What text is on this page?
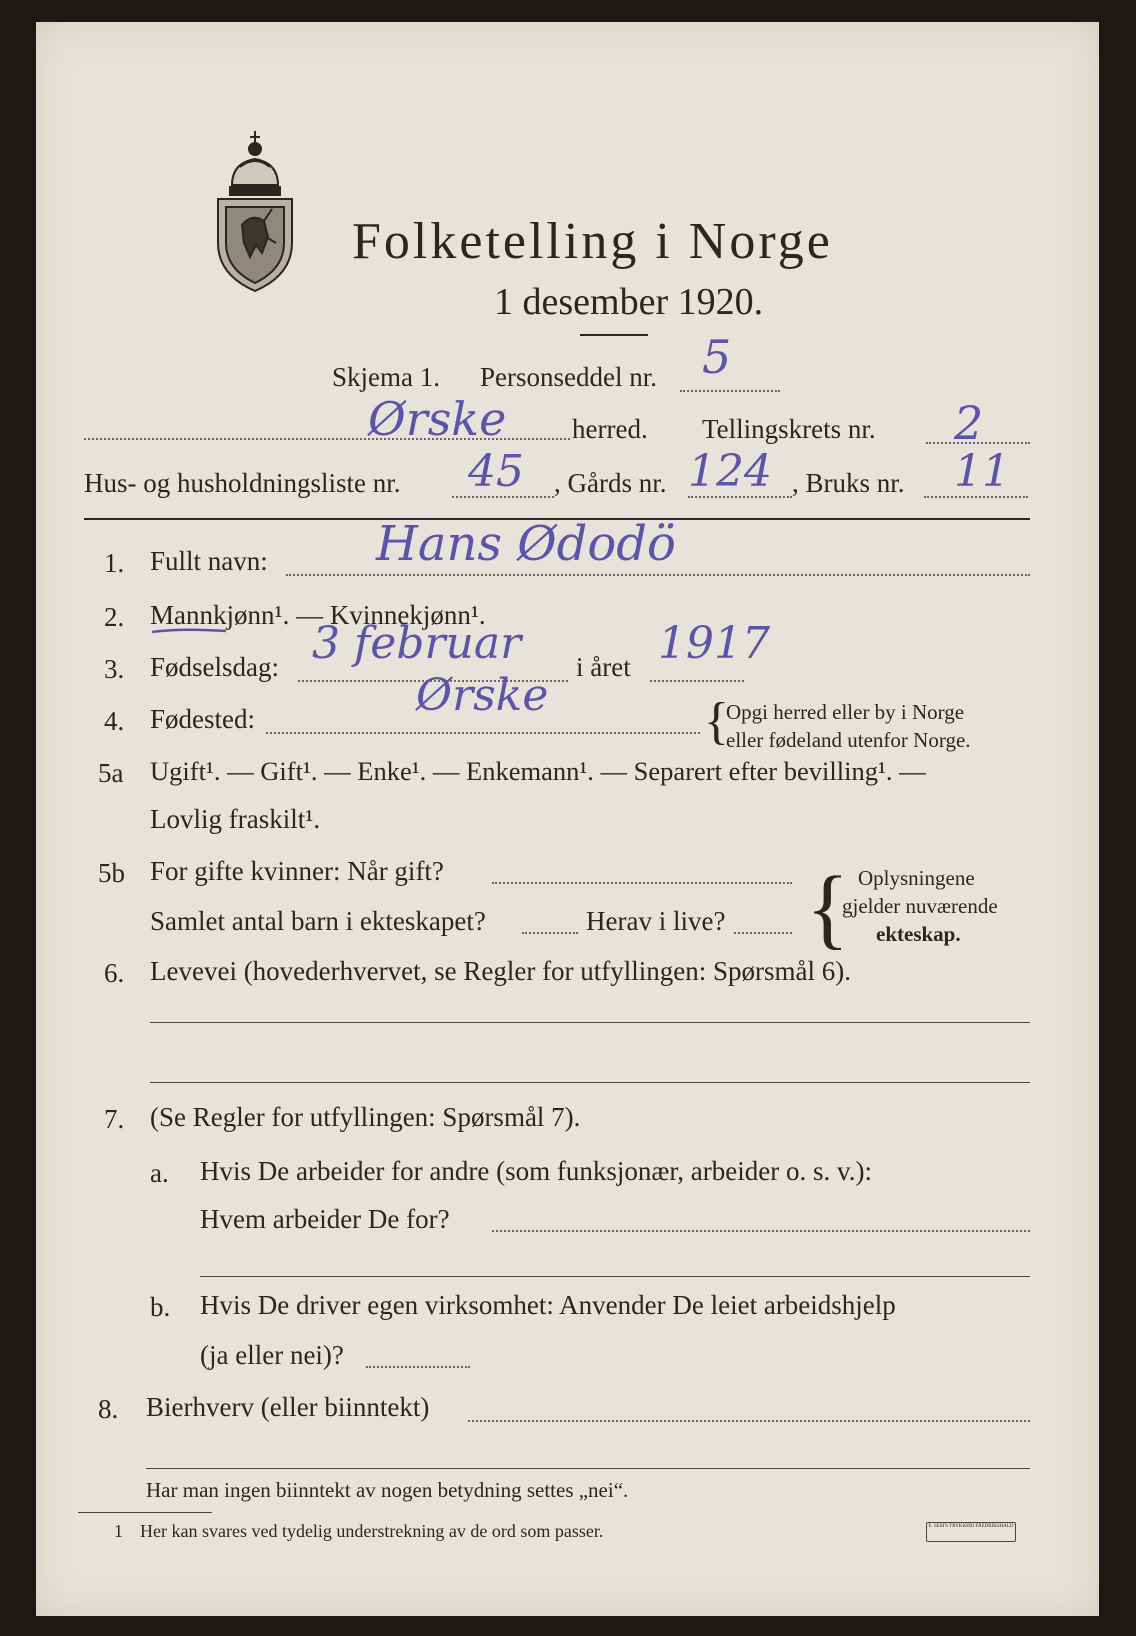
Folketelling i Norge
1 desember 1920.
Skjema 1. Personseddel nr. 5
Ørske herred. Tellingskrets nr. 2
Hus- og husholdningsliste nr. 45 , Gårds nr. 124 , Bruks nr. 11
1. Fullt navn: Hans Ødodö
2. Mannkjønn¹. — Kvinnekjønn¹.
3. Fødselsdag: 3 februar i året 1917
4. Fødested:	Ørske	{
Opgi herred eller by i Norge
eller fødeland utenfor Norge.
5a Ugift¹. — Gift¹. — Enke¹. — Enkemann¹. — Separert efter bevilling¹. —
Lovlig fraskilt¹.
5b For gifte kvinner: Når gift?
Samlet antal barn i ekteskapet?	Herav i live? { Oplysningene
gjelder nuværende
ekteskap.
6. Levevei (hovederhvervet, se Regler for utfyllingen: Spørsmål 6).
7. (Se Regler for utfyllingen: Spørsmål 7).
a. Hvis De arbeider for andre (som funksjonær, arbeider o. s. v.):
Hvem arbeider De for?
b. Hvis De driver egen virksomhet: Anvender De leiet arbeidshjelp
(ja eller nei)?
8. Bierhverv (eller biinntekt)
Har man ingen biinntekt av nogen betydning settes „nei“.
1 Her kan svares ved tydelig understrekning av de ord som passer.	E. SEM'S TRYKKERI FREDRIKSHALD
